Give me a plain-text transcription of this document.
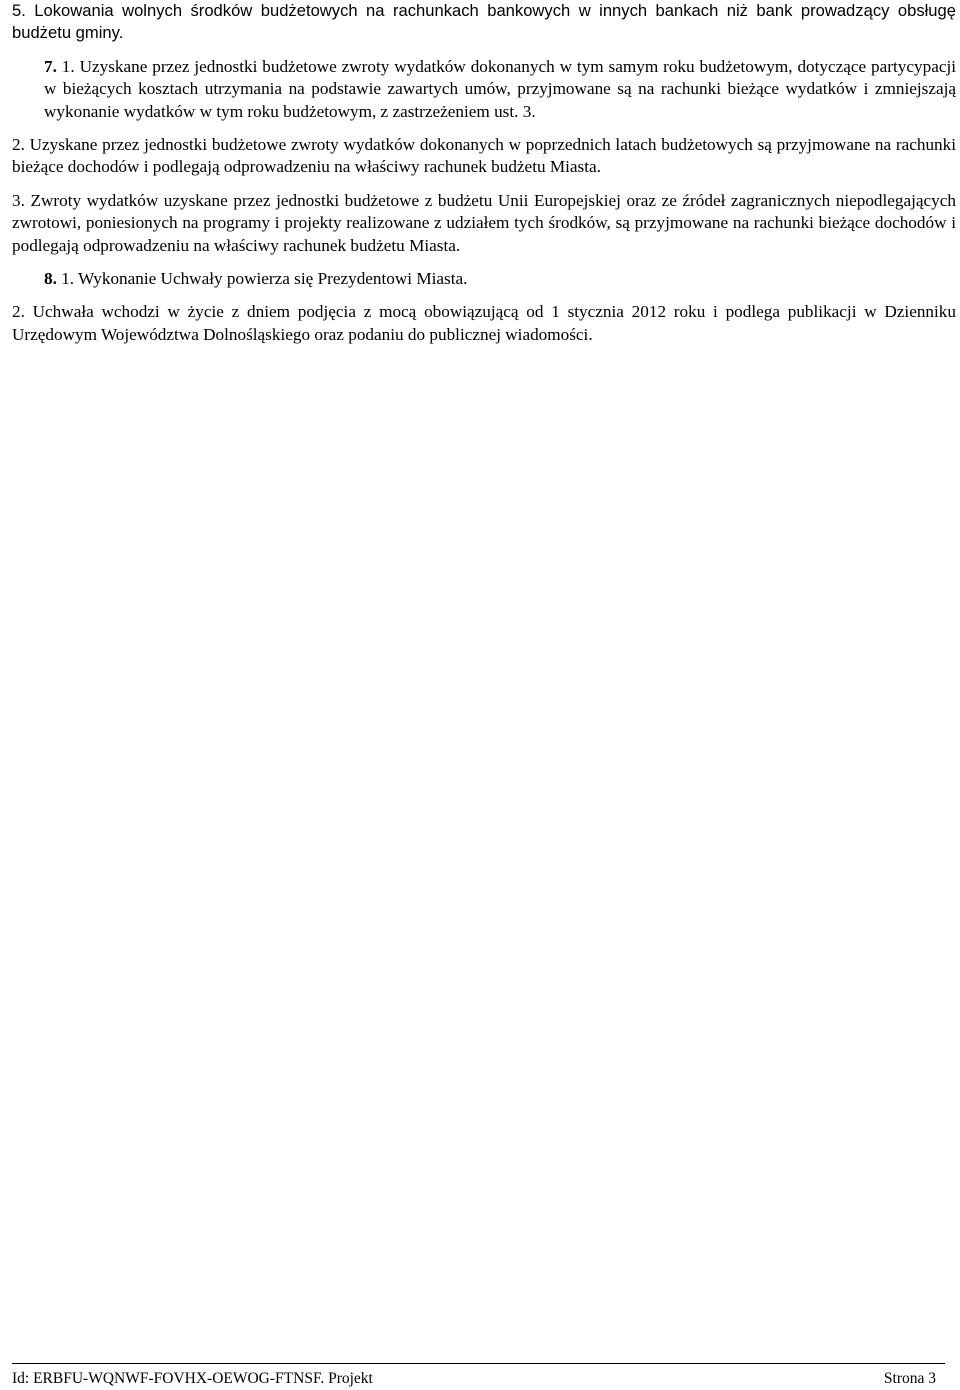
5. Lokowania wolnych środków budżetowych na rachunkach bankowych w innych bankach niż bank prowadzący obsługę budżetu gminy.

7. 1. Uzyskane przez jednostki budżetowe zwroty wydatków dokonanych w tym samym roku budżetowym, dotyczące partycypacji w bieżących kosztach utrzymania na podstawie zawartych umów, przyjmowane są na rachunki bieżące wydatków i zmniejszają wykonanie wydatków w tym roku budżetowym, z zastrzeżeniem ust. 3.

2. Uzyskane przez jednostki budżetowe zwroty wydatków dokonanych w poprzednich latach budżetowych są przyjmowane na rachunki bieżące dochodów i podlegają odprowadzeniu na właściwy rachunek budżetu Miasta.

3. Zwroty wydatków uzyskane przez jednostki budżetowe z budżetu Unii Europejskiej oraz ze źródeł zagranicznych niepodlegających zwrotowi, poniesionych na programy i projekty realizowane z udziałem tych środków, są przyjmowane na rachunki bieżące dochodów i podlegają odprowadzeniu na właściwy rachunek budżetu Miasta.

8. 1. Wykonanie Uchwały powierza się Prezydentowi Miasta.

2. Uchwała wchodzi w życie z dniem podjęcia z mocą obowiązującą od 1 stycznia 2012 roku i podlega publikacji w Dzienniku Urzędowym Województwa Dolnośląskiego oraz podaniu do publicznej wiadomości.

Id: ERBFU-WQNWF-FOVHX-OEWOG-FTNSF. Projekt	Strona 3
